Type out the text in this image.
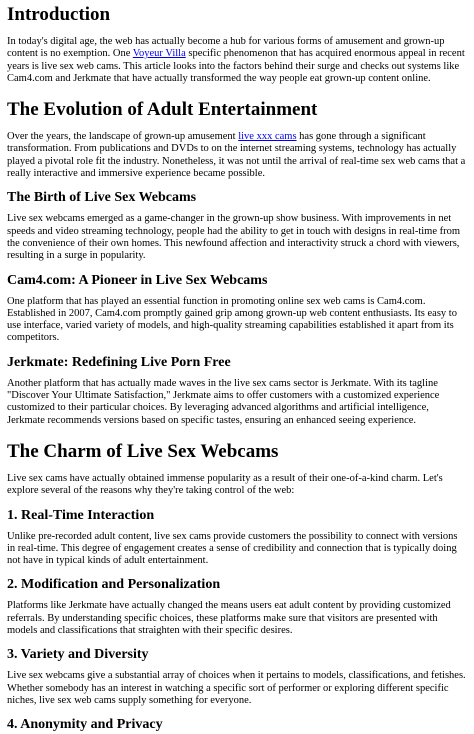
Introduction

In today's digital age, the web has actually become a hub for various forms of amusement and grown-up content is no exemption. One Voyeur Villa specific phenomenon that has acquired enormous appeal in recent years is live sex web cams. This article looks into the factors behind their surge and checks out systems like Cam4.com and Jerkmate that have actually transformed the way people eat grown-up content online.

The Evolution of Adult Entertainment

Over the years, the landscape of grown-up amusement live xxx cams has gone through a significant transformation. From publications and DVDs to on the internet streaming systems, technology has actually played a pivotal role fit the industry. Nonetheless, it was not until the arrival of real-time sex web cams that a really interactive and immersive experience became possible.

The Birth of Live Sex Webcams

Live sex webcams emerged as a game-changer in the grown-up show business. With improvements in net speeds and video streaming technology, people had the ability to get in touch with designs in real-time from the convenience of their own homes. This newfound affection and interactivity struck a chord with viewers, resulting in a surge in popularity.

Cam4.com: A Pioneer in Live Sex Webcams

One platform that has played an essential function in promoting online sex web cams is Cam4.com. Established in 2007, Cam4.com promptly gained grip among grown-up web content enthusiasts. Its easy to use interface, varied variety of models, and high-quality streaming capabilities established it apart from its competitors.

Jerkmate: Redefining Live Porn Free

Another platform that has actually made waves in the live sex cams sector is Jerkmate. With its tagline "Discover Your Ultimate Satisfaction," Jerkmate aims to offer customers with a customized experience customized to their particular choices. By leveraging advanced algorithms and artificial intelligence, Jerkmate recommends versions based on specific tastes, ensuring an enhanced seeing experience.

The Charm of Live Sex Webcams

Live sex cams have actually obtained immense popularity as a result of their one-of-a-kind charm. Let's explore several of the reasons why they're taking control of the web:

1. Real-Time Interaction

Unlike pre-recorded adult content, live sex cams provide customers the possibility to connect with versions in real-time. This degree of engagement creates a sense of credibility and connection that is typically doing not have in typical kinds of adult entertainment.

2. Modification and Personalization

Platforms like Jerkmate have actually changed the means users eat adult content by providing customized referrals. By understanding specific choices, these platforms make sure that visitors are presented with models and classifications that straighten with their specific desires.

3. Variety and Diversity

Live sex webcams give a substantial array of choices when it pertains to models, classifications, and fetishes. Whether somebody has an interest in watching a specific sort of performer or exploring different specific niches, live sex web cams supply something for everyone.

4. Anonymity and Privacy
